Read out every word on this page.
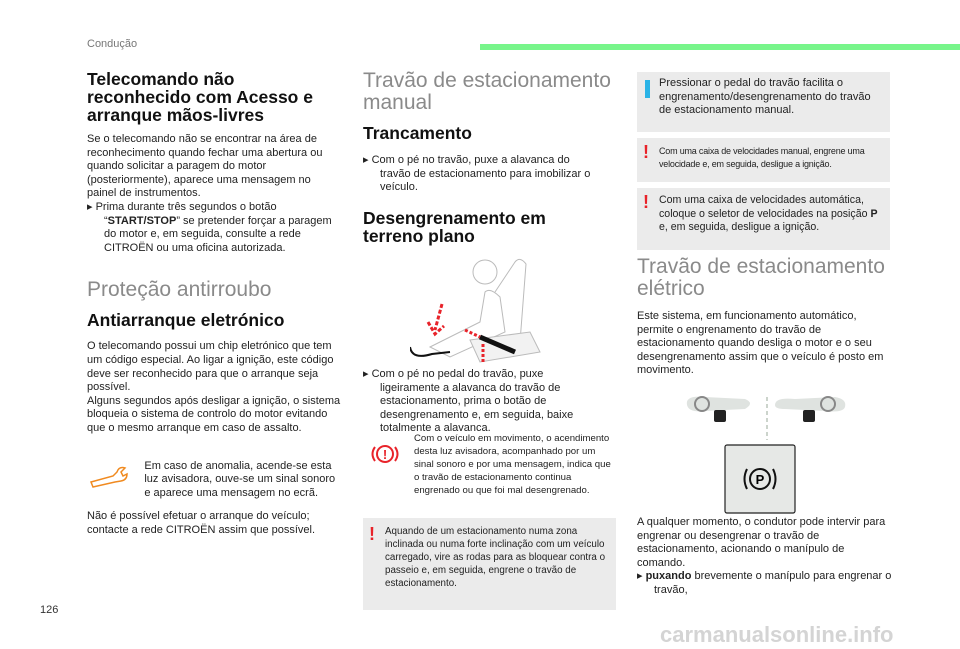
Condução
Telecomando não reconhecido com Acesso e arranque mãos-livres
Se o telecomando não se encontrar na área de reconhecimento quando fechar uma abertura ou quando solicitar a paragem do motor (posteriormente), aparece uma mensagem no painel de instrumentos.
▸ Prima durante três segundos o botão “START/STOP” se pretender forçar a paragem do motor e, em seguida, consulte a rede CITROËN ou uma oficina autorizada.
Proteção antirroubo
Antiarranque eletrónico
O telecomando possui um chip eletrónico que tem um código especial. Ao ligar a ignição, este código deve ser reconhecido para que o arranque seja possível.
Alguns segundos após desligar a ignição, o sistema bloqueia o sistema de controlo do motor evitando que o mesmo arranque em caso de assalto.
Em caso de anomalia, acende-se esta luz avisadora, ouve-se um sinal sonoro e aparece uma mensagem no ecrã.
Não é possível efetuar o arranque do veículo; contacte a rede CITROËN assim que possível.
Travão de estacionamento manual
Trancamento
▸ Com o pé no travão, puxe a alavanca do travão de estacionamento para imobilizar o veículo.
Desengrenamento em terreno plano
▸ Com o pé no pedal do travão, puxe ligeiramente a alavanca do travão de estacionamento, prima o botão de desengrenamento e, em seguida, baixe totalmente a alavanca.
!
Com o veículo em movimento, o acendimento desta luz avisadora, acompanhado por um sinal sonoro e por uma mensagem, indica que o travão de estacionamento continua engrenado ou que foi mal desengrenado.
! Aquando de um estacionamento numa zona inclinada ou numa forte inclinação com um veículo carregado, vire as rodas para as bloquear contra o passeio e, em seguida, engrene o travão de estacionamento.
Pressionar o pedal do travão facilita o engrenamento/desengrenamento do travão de estacionamento manual.
! Com uma caixa de velocidades manual, engrene uma velocidade e, em seguida, desligue a ignição.
! Com uma caixa de velocidades automática, coloque o seletor de velocidades na posição P e, em seguida, desligue a ignição.
Travão de estacionamento elétrico
Este sistema, em funcionamento automático, permite o engrenamento do travão de estacionamento quando desliga o motor e o seu desengrenamento assim que o veículo é posto em movimento.
P
A qualquer momento, o condutor pode intervir para engrenar ou desengrenar o travão de estacionamento, acionando o manípulo de comando.
▸ puxando brevemente o manípulo para engrenar o travão,
126
carmanualsonline.info
